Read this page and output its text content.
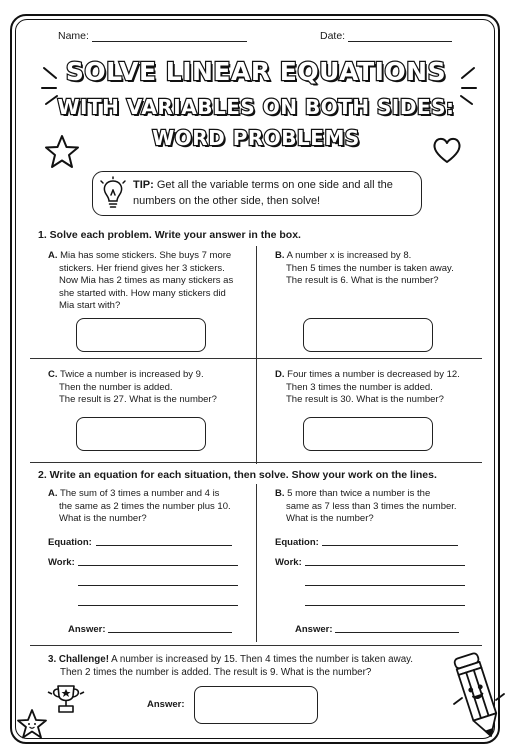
Name:	Date:
SOLVE LINEAR EQUATIONS
WITH VARIABLES ON BOTH SIDES:
WORD PROBLEMS
TIP: Get all the variable terms on one side and all the numbers on the other side, then solve!
1. Solve each problem. Write your answer in the box.
A. Mia has some stickers. She buys 7 more
stickers. Her friend gives her 3 stickers.
Now Mia has 2 times as many stickers as
she started with. How many stickers did
Mia start with?
B. A number x is increased by 8.
Then 5 times the number is taken away.
The result is 6. What is the number?
C. Twice a number is increased by 9.
Then the number is added.
The result is 27. What is the number?
D. Four times a number is decreased by 12.
Then 3 times the number is added.
The result is 30. What is the number?
2. Write an equation for each situation, then solve. Show your work on the lines.
A. The sum of 3 times a number and 4 is
the same as 2 times the number plus 10.
What is the number?
Equation:
Work:
Answer:
B. 5 more than twice a number is the
same as 7 less than 3 times the number.
What is the number?
Equation:
Work:
Answer:
3. Challenge! A number is increased by 15. Then 4 times the number is taken away.
Then 2 times the number is added. The result is 9. What is the number?
Answer:
